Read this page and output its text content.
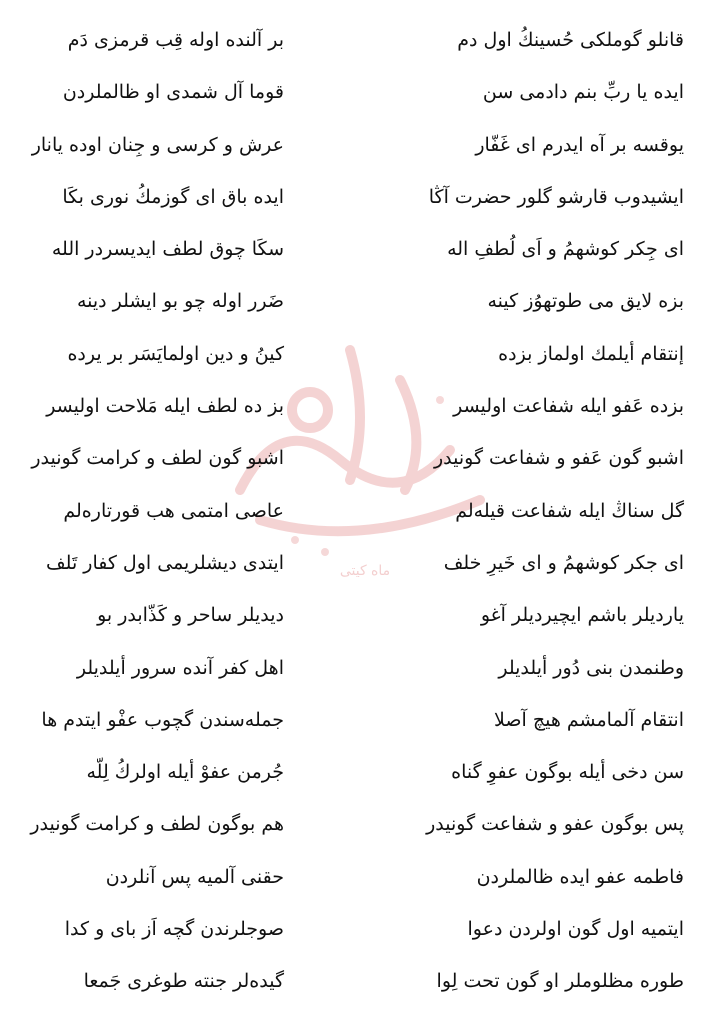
ماه کیتی
قانلو گوملکی حُسینكُ اول دم
بر آلنده اوله قِب قرمزی دَم
ایده یا ربِّ بنم دادمی سن
قوما آل شمدی او ظالملردن
یوقسه بر آه ایدرم ای غَفّار
عرش و کرسی و جِنان اوده یانار
ایشیدوب قارشو گلور حضرت آڭا
ایده باق ای گوزمكُ نوری بكَا
ای جِکر کوشهمُ و اَی لُطفِ اله
سكَا چوق لطف ایدیسردر الله
بزه لایق می طوتهوُز کینه
ضَرر اوله چو بو ایشلر دینه
إنتقام أیلمك اولماز بزده
کینُ و دین اولمایَسَر بر یرده
بزده عَفو ایله شفاعت اولیسر
بز ده لطف ایله مَلاحت اولیسر
اشبو گون عَفو و شفاعت گونیدر
اشبو گون لطف و کرامت گونیدر
گل سناڭ ایله شفاعت قیلەلم
عاصی امتمی هب قورتارەلم
ای جکر کوشهمُ و ای خَیرِ خلف
ایتدی دیشلریمی اول کفار تَلف
یاردیلر باشم ایچیردیلر آغو
دیدیلر ساحر و کَذّابدر بو
وطنمدن بنی دُور أیلدیلر
اهل کفر آنده سرور أیلدیلر
انتقام آلمامشم هیچ آصلا
جملەسندن گچوب عفْو ایتدم ها
سن دخی أیله بوگون عفوِ گناه
جُرمن عفوْ أیله اولركُ لِلّه
پس بوگون عفو و شفاعت گونیدر
هم بوگون لطف و کرامت گونیدر
فاطمه عفو ایده ظالملردن
حقنی آلمیه پس آنلردن
ایتمیه اول گون اولردن دعوا
صوجلرندن گچه اَز بای و کدا
طوره مظلوملر او گون تحت لِوا
گیدەلر جنته طوغری جَمعا
